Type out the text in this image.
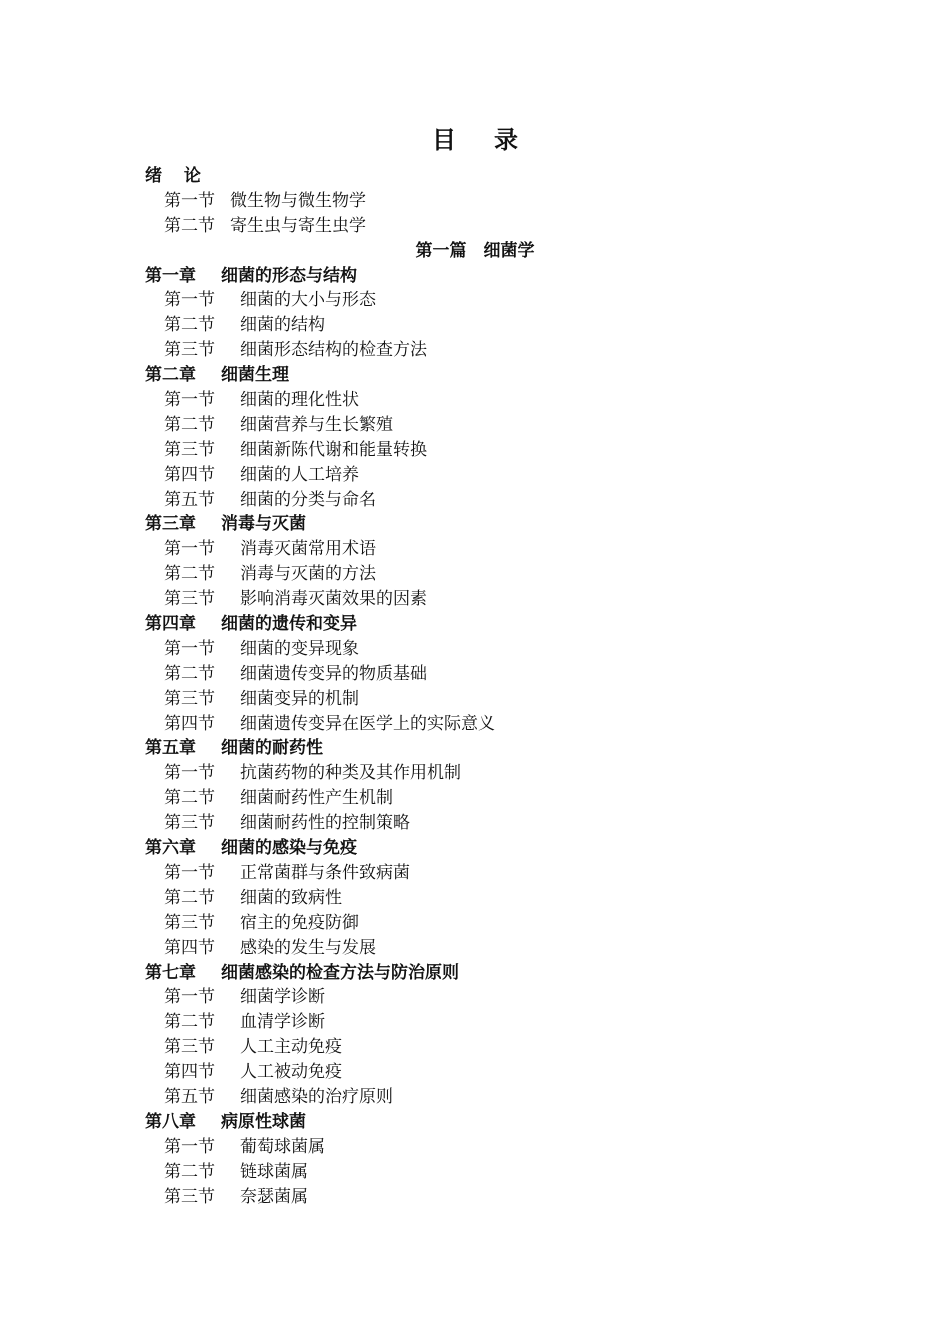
目 录
绪 论
第一节 微生物与微生物学
第二节 寄生虫与寄生虫学
第一篇　 细菌学
第一章 细菌的形态与结构
第一节 细菌的大小与形态
第二节 细菌的结构
第三节 细菌形态结构的检查方法
第二章 细菌生理
第一节 细菌的理化性状
第二节 细菌营养与生长繁殖
第三节 细菌新陈代谢和能量转换
第四节 细菌的人工培养
第五节 细菌的分类与命名
第三章 消毒与灭菌
第一节 消毒灭菌常用术语
第二节 消毒与灭菌的方法
第三节 影响消毒灭菌效果的因素
第四章 细菌的遗传和变异
第一节 细菌的变异现象
第二节 细菌遗传变异的物质基础
第三节 细菌变异的机制
第四节 细菌遗传变异在医学上的实际意义
第五章 细菌的耐药性
第一节 抗菌药物的种类及其作用机制
第二节 细菌耐药性产生机制
第三节 细菌耐药性的控制策略
第六章 细菌的感染与免疫
第一节 正常菌群与条件致病菌
第二节 细菌的致病性
第三节 宿主的免疫防御
第四节 感染的发生与发展
第七章 细菌感染的检查方法与防治原则
第一节 细菌学诊断
第二节 血清学诊断
第三节 人工主动免疫
第四节 人工被动免疫
第五节 细菌感染的治疗原则
第八章 病原性球菌
第一节 葡萄球菌属
第二节 链球菌属
第三节 奈瑟菌属
